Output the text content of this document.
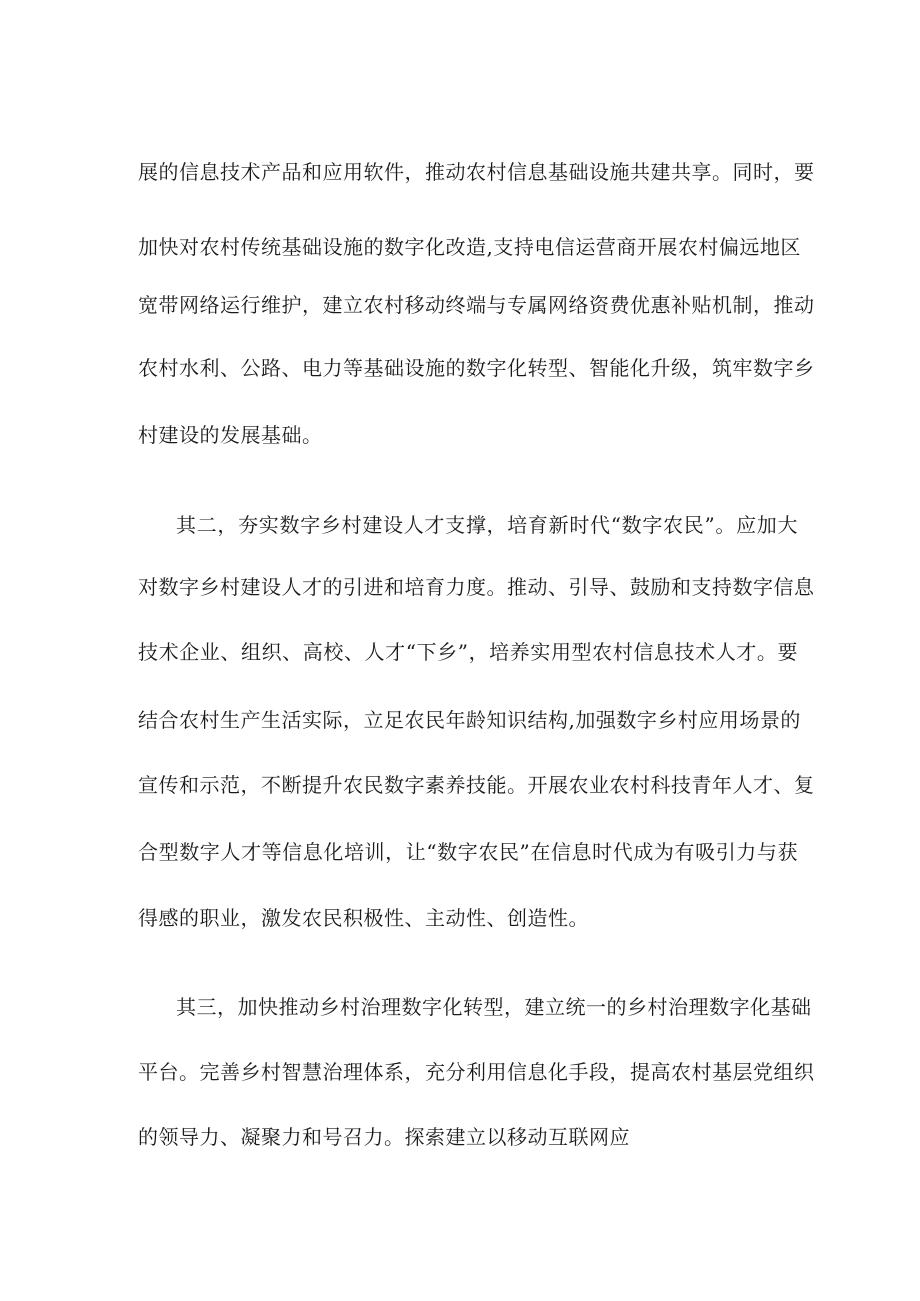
展的信息技术产品和应用软件，推动农村信息基础设施共建共享。同时，要
加快对农村传统基础设施的数字化改造,支持电信运营商开展农村偏远地区
宽带网络运行维护，建立农村移动终端与专属网络资费优惠补贴机制，推动
农村水利、公路、电力等基础设施的数字化转型、智能化升级，筑牢数字乡
村建设的发展基础。
其二，夯实数字乡村建设人才支撑，培育新时代“数字农民”。应加大
对数字乡村建设人才的引进和培育力度。推动、引导、鼓励和支持数字信息
技术企业、组织、高校、人才“下乡”，培养实用型农村信息技术人才。要
结合农村生产生活实际，立足农民年龄知识结构,加强数字乡村应用场景的
宣传和示范，不断提升农民数字素养技能。开展农业农村科技青年人才、复
合型数字人才等信息化培训，让“数字农民”在信息时代成为有吸引力与获
得感的职业，激发农民积极性、主动性、创造性。
其三，加快推动乡村治理数字化转型，建立统一的乡村治理数字化基础
平台。完善乡村智慧治理体系，充分利用信息化手段，提高农村基层党组织
的领导力、凝聚力和号召力。探索建立以移动互联网应
